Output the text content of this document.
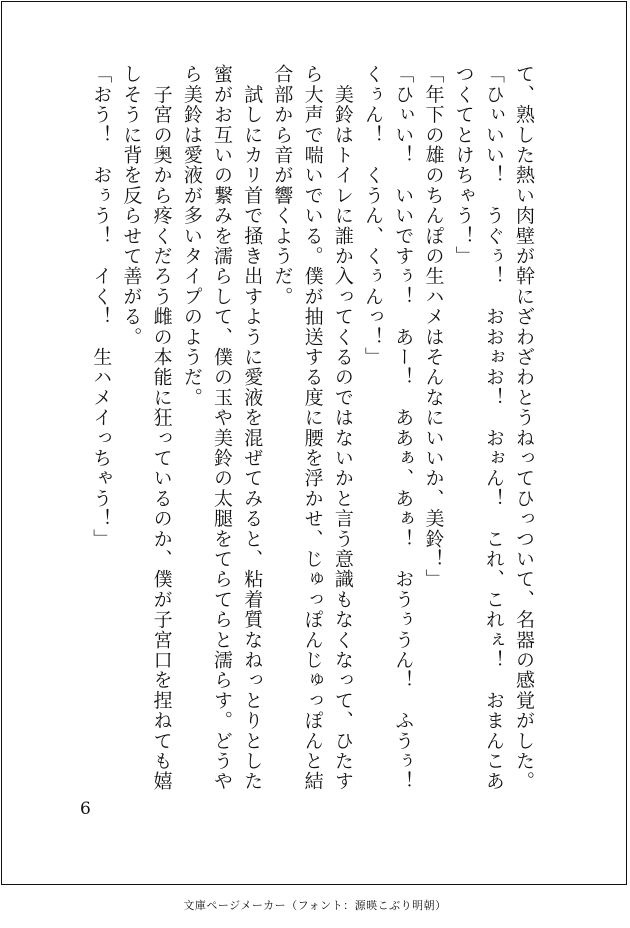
て、熟した熱い肉壁が幹にざわざわとうねってひっついて、名器の感覚がした。
「ひぃいい！　うぐぅ！　おおぉお！　おぉん！　これ、これぇ！　おまんこあ
つくてとけちゃう！」
「年下の雄のちんぽの生ハメはそんなにいいか、美鈴！」
「ひぃい！　いいですぅ！　あー！　ああぁ、あぁ！　おうぅうん！　ふうぅ！
くぅん！　くうん、くぅんっ！」
　美鈴はトイレに誰か入ってくるのではないかと言う意識もなくなって、ひたす
ら大声で喘いでいる。僕が抽送する度に腰を浮かせ、じゅっぽんじゅっぽんと結
合部から音が響くようだ。
　試しにカリ首で掻き出すように愛液を混ぜてみると、粘着質なねっとりとした
蜜がお互いの繋みを濡らして、僕の玉や美鈴の太腿をてらてらと濡らす。どうや
ら美鈴は愛液が多いタイプのようだ。
　子宮の奥から疼くだろう雌の本能に狂っているのか、僕が子宮口を捏ねても嬉
しそうに背を反らせて善がる。
「おう！　おぅう！　イく！　生ハメイっちゃう！」
6
文庫ページメーカー（フォント：源暎こぶり明朝）
